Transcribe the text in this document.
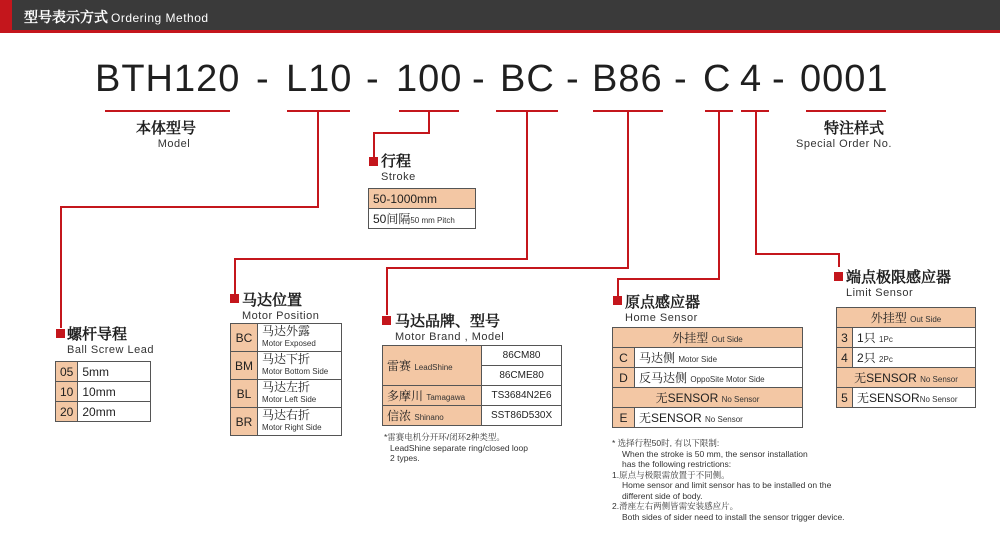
型号表示方式 Ordering Method
BTH120 - L10 - 100 - BC - B86 - C 4 - 0001
本体型号
Model
特注样式
Special Order No.
行程
Stroke
50-1000mm
50间隔50 mm Pitch
螺杆导程
Ball Screw Lead
05	5mm
10	10mm
20	20mm
马达位置
Motor Position
BC	马达外露
Motor Exposed
BM	马达下折
Motor Bottom Side
BL	马达左折
Motor Left Side
BR	马达右折
Motor Right Side
马达品牌、型号
Motor Brand , Model
雷赛 LeadShine	86CM80
	86CME80
多摩川 Tamagawa	TS3684N2E6
信浓 Shinano	SST86D530X
*雷赛电机分开环/闭环2种类型。
LeadShine separate ring/closed loop
2 types.
原点感应器
Home Sensor
外挂型 Out Side	
C	马达侧 Motor Side
D	反马达侧 OppoSite Motor Side
无SENSOR No Sensor	
E	无SENSOR No Sensor
* 选择行程50时, 有以下限制:
When the stroke is 50 mm, the sensor installation
has the following restrictions:
1.原点与极限需放置于不同侧。
Home sensor and limit sensor has to be installed on the
different side of body.
2.滑座左右两侧皆需安装感应片。
Both sides of sider need to install the sensor trigger device.
端点极限感应器
Limit Sensor
外挂型 Out Side	
3	1只 1Pc
4	2只 2Pc
无SENSOR No Sensor	
5	无SENSORNo Sensor
